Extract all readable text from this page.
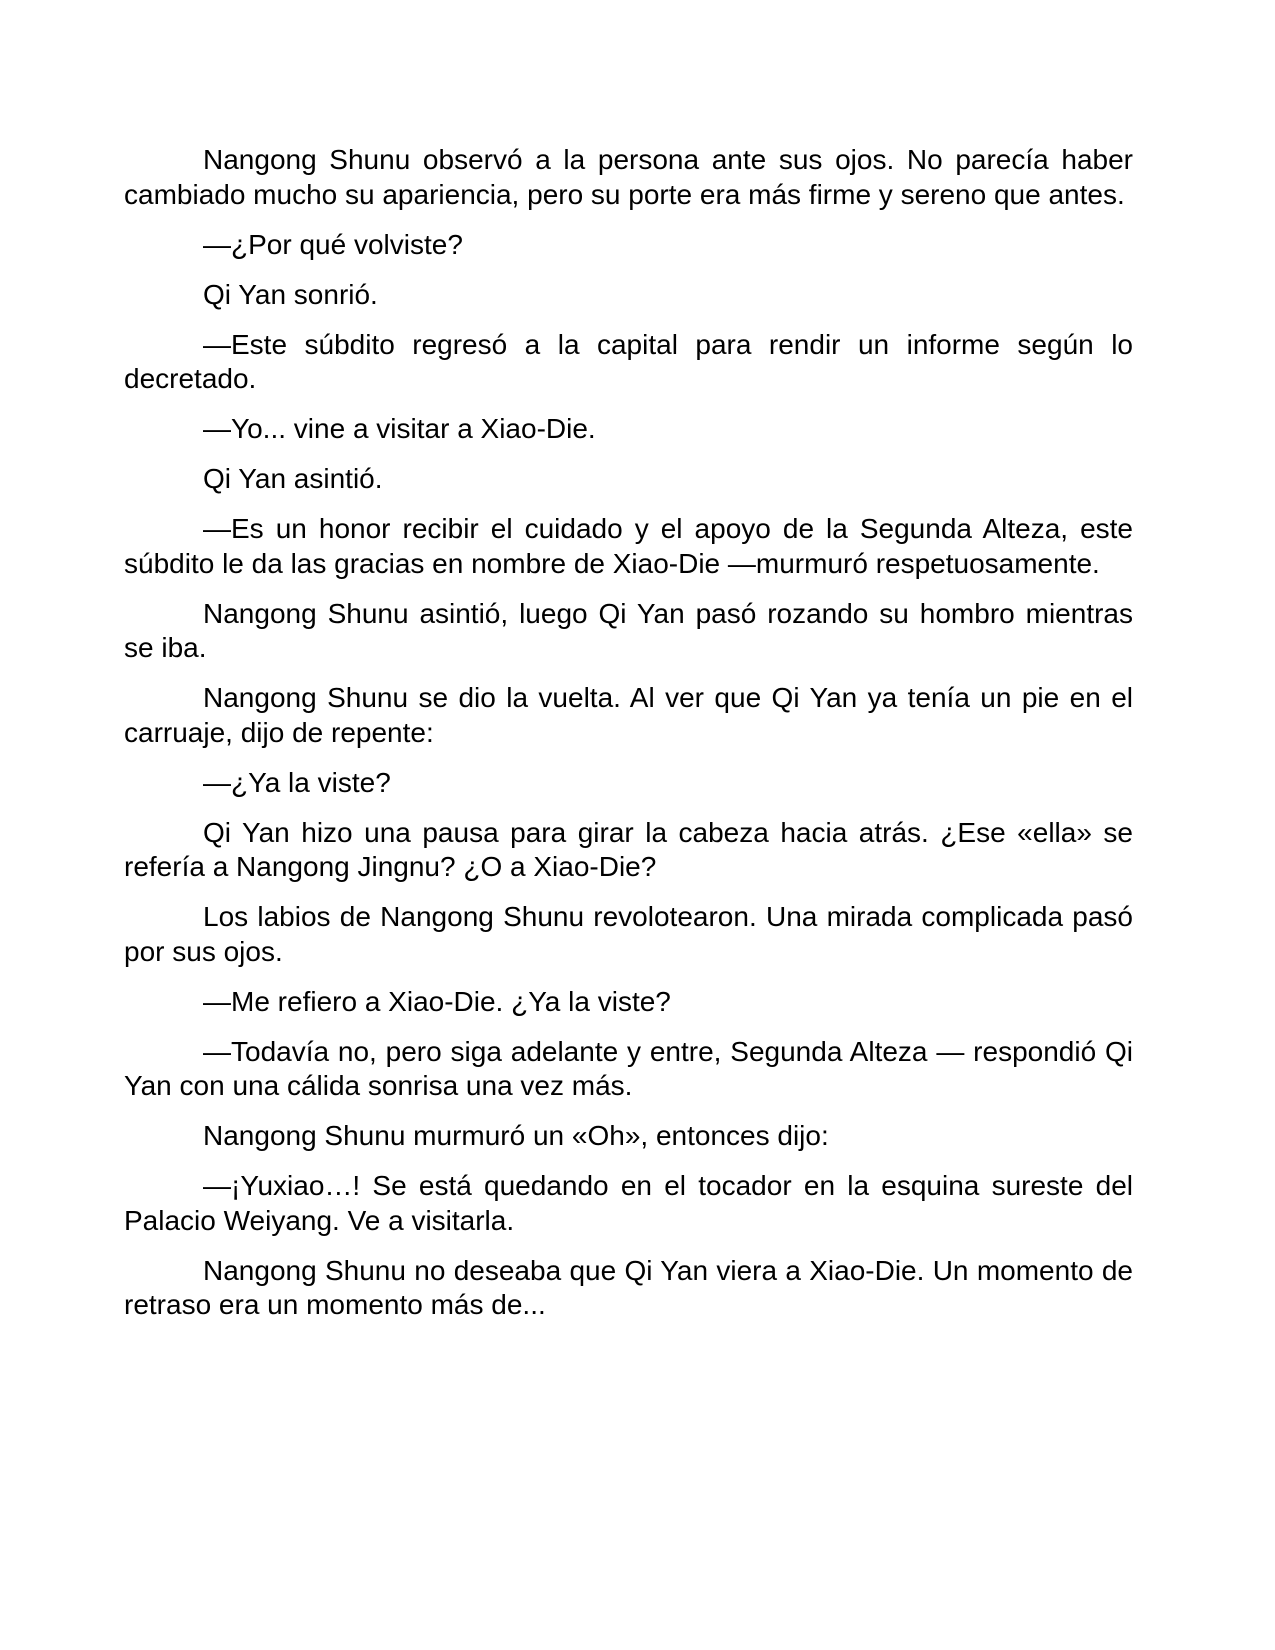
Nangong Shunu observó a la persona ante sus ojos. No parecía haber cambiado mucho su apariencia, pero su porte era más firme y sereno que antes.

—¿Por qué volviste?

Qi Yan sonrió.

—Este súbdito regresó a la capital para rendir un informe según lo decretado.

—Yo... vine a visitar a Xiao-Die.

Qi Yan asintió.

—Es un honor recibir el cuidado y el apoyo de la Segunda Alteza, este súbdito le da las gracias en nombre de Xiao-Die —murmuró respetuosamente.

Nangong Shunu asintió, luego Qi Yan pasó rozando su hombro mientras se iba.

Nangong Shunu se dio la vuelta. Al ver que Qi Yan ya tenía un pie en el carruaje, dijo de repente:

—¿Ya la viste?

Qi Yan hizo una pausa para girar la cabeza hacia atrás. ¿Ese «ella» se refería a Nangong Jingnu? ¿O a Xiao-Die?

Los labios de Nangong Shunu revolotearon. Una mirada complicada pasó por sus ojos.

—Me refiero a Xiao-Die. ¿Ya la viste?

—Todavía no, pero siga adelante y entre, Segunda Alteza — respondió Qi Yan con una cálida sonrisa una vez más.

Nangong Shunu murmuró un «Oh», entonces dijo:

—¡Yuxiao…! Se está quedando en el tocador en la esquina sureste del Palacio Weiyang. Ve a visitarla.

Nangong Shunu no deseaba que Qi Yan viera a Xiao-Die. Un momento de retraso era un momento más de...
